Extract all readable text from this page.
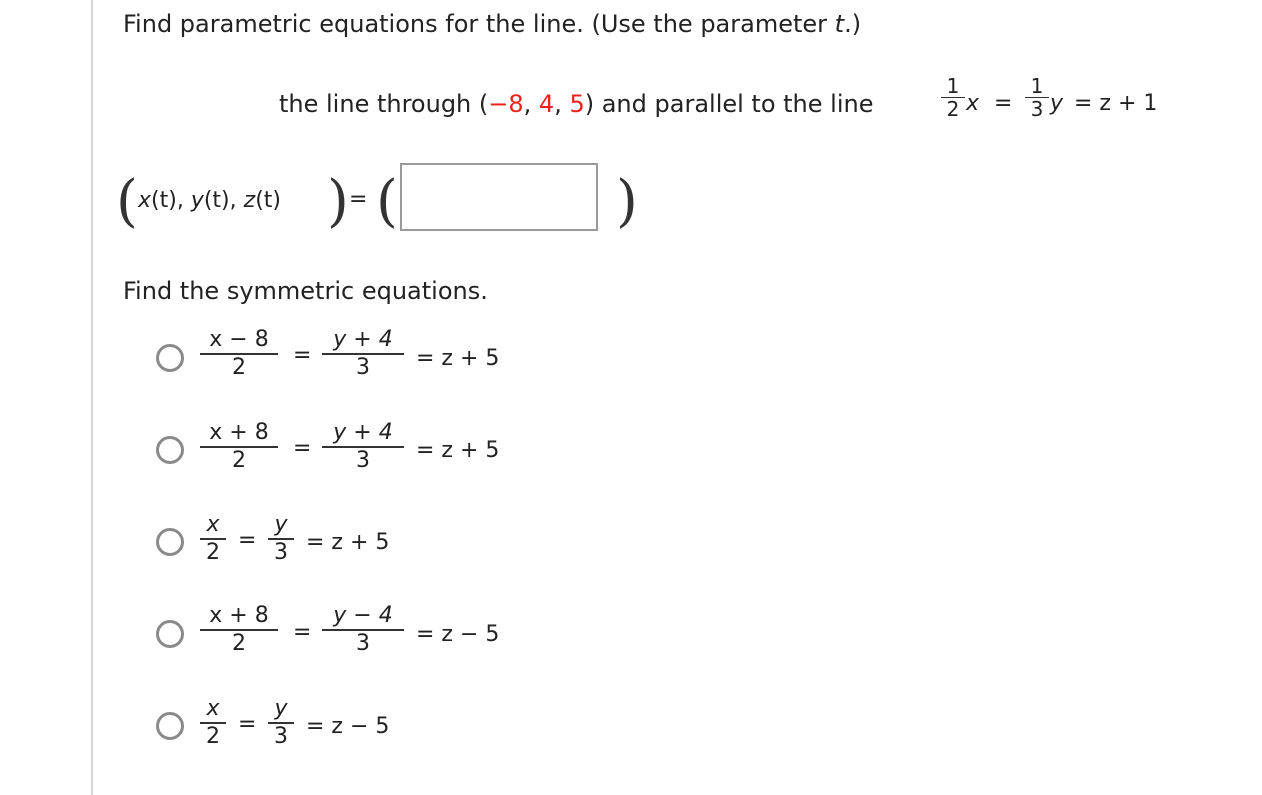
Find parametric equations for the line. (Use the parameter t.)
the line through (−8, 4, 5) and parallel to the line
1
2 x =
1
3 y = z + 1
( x(t), y(t), z(t) ) = (	)
Find the symmetric equations.
x − 8
2	=
y + 4
3	= z + 5
x + 8
2	=
y + 4
3	= z + 5
x
2 =
y
3 = z + 5
x + 8
2	=
y − 4
3	= z − 5
x
2 =
y
3 = z − 5
